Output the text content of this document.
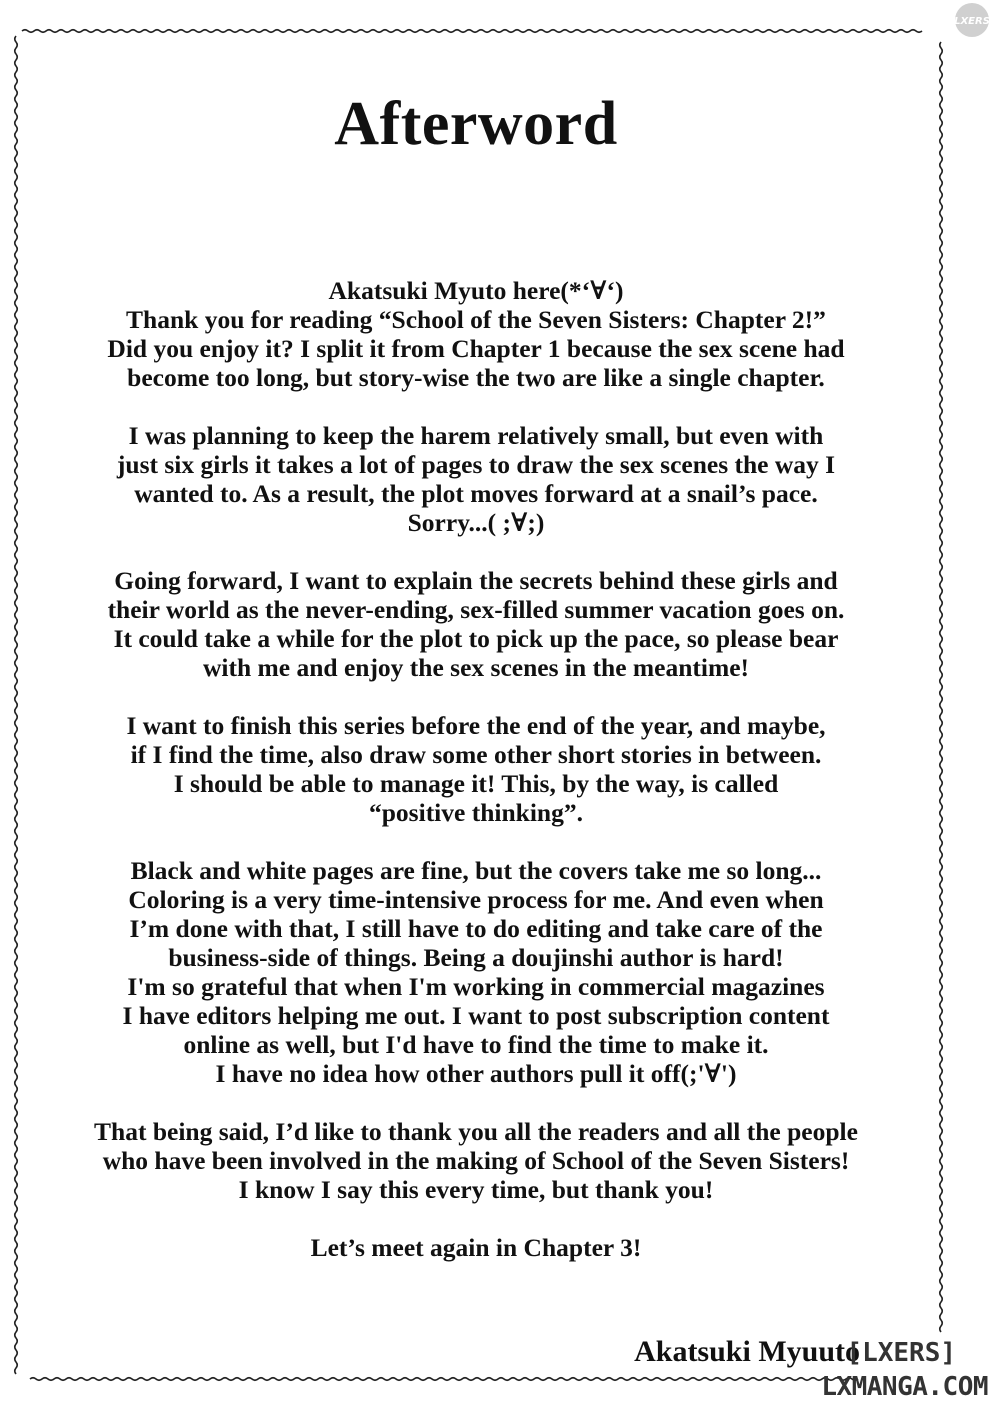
LXERS
Afterword
Akatsuki Myuto here(*‘∀‘)
Thank you for reading “School of the Seven Sisters: Chapter 2!”
Did you enjoy it? I split it from Chapter 1 because the sex scene had
become too long, but story-wise the two are like a single chapter.
I was planning to keep the harem relatively small, but even with
just six girls it takes a lot of pages to draw the sex scenes the way I
wanted to. As a result, the plot moves forward at a snail’s pace.
Sorry...( ;∀;)
Going forward, I want to explain the secrets behind these girls and
their world as the never-ending, sex-filled summer vacation goes on.
It could take a while for the plot to pick up the pace, so please bear
with me and enjoy the sex scenes in the meantime!
I want to finish this series before the end of the year, and maybe,
if I find the time, also draw some other short stories in between.
I should be able to manage it! This, by the way, is called
“positive thinking”.
Black and white pages are fine, but the covers take me so long...
Coloring is a very time-intensive process for me. And even when
I’m done with that, I still have to do editing and take care of the
business-side of things. Being a doujinshi author is hard!
I'm so grateful that when I'm working in commercial magazines
I have editors helping me out. I want to post subscription content
online as well, but I'd have to find the time to make it.
I have no idea how other authors pull it off(;'∀')
That being said, I’d like to thank you all the readers and all the people
who have been involved in the making of School of the Seven Sisters!
I know I say this every time, but thank you!
Let’s meet again in Chapter 3!
Akatsuki Myuuto
[LXERS]
LXMANGA.COM
